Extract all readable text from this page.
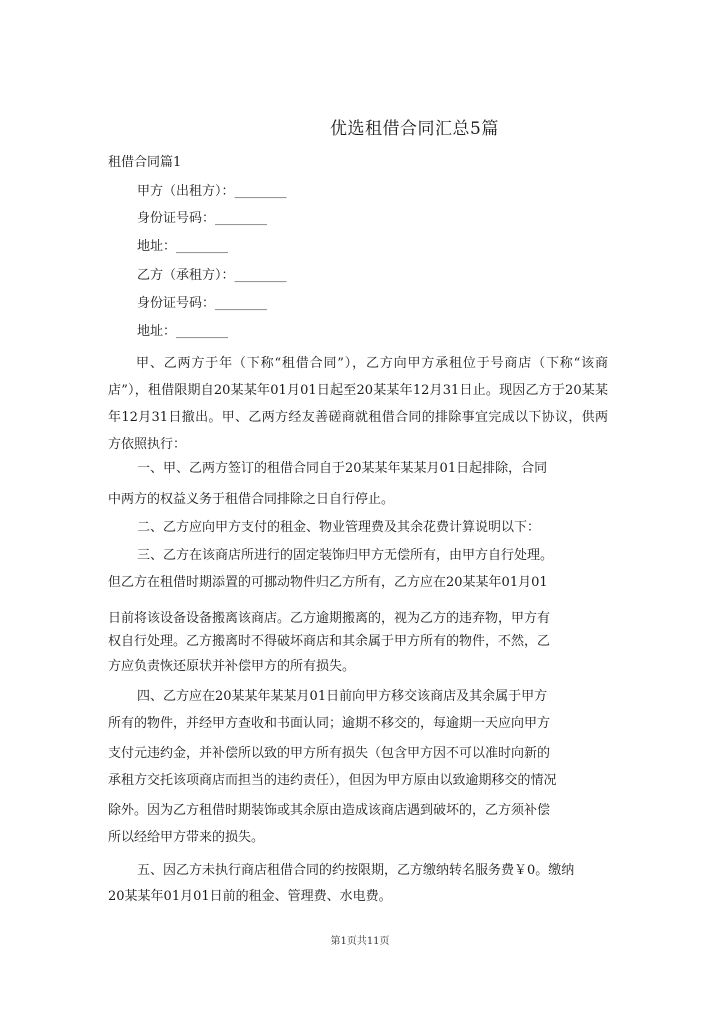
优选租借合同汇总5篇
租借合同篇1
甲方（出租方）：________
身份证号码：________
地址：________
乙方（承租方）：________
身份证号码：________
地址：________
甲、乙两方于年（下称“租借合同”），乙方向甲方承租位于号商店（下称“该商店”），租借限期自20某某年01月01日起至20某某年12月31日止。现因乙方于20某某年12月31日撤出。甲、乙两方经友善磋商就租借合同的排除事宜完成以下协议，供两方依照执行：
一、甲、乙两方签订的租借合同自于20某某年某某月01日起排除，合同
中两方的权益义务于租借合同排除之日自行停止。
二、乙方应向甲方支付的租金、物业管理费及其余花费计算说明以下：
三、乙方在该商店所进行的固定装饰归甲方无偿所有，由甲方自行处理。
但乙方在租借时期添置的可挪动物件归乙方所有，乙方应在20某某年01月01
日前将该设备设备搬离该商店。乙方逾期搬离的，视为乙方的违弃物，甲方有
权自行处理。乙方搬离时不得破坏商店和其余属于甲方所有的物件，不然，乙
方应负责恢还原状并补偿甲方的所有损失。
四、乙方应在20某某年某某月01日前向甲方移交该商店及其余属于甲方
所有的物件，并经甲方查收和书面认同；逾期不移交的，每逾期一天应向甲方
支付元违约金，并补偿所以致的甲方所有损失（包含甲方因不可以准时向新的
承租方交托该项商店而担当的违约责任），但因为甲方原由以致逾期移交的情况
除外。因为乙方租借时期装饰或其余原由造成该商店遇到破坏的，乙方须补偿
所以经给甲方带来的损失。
五、因乙方未执行商店租借合同的约按限期，乙方缴纳转名服务费￥0。缴纳
20某某年01月01日前的租金、管理费、水电费。
第1页共11页
